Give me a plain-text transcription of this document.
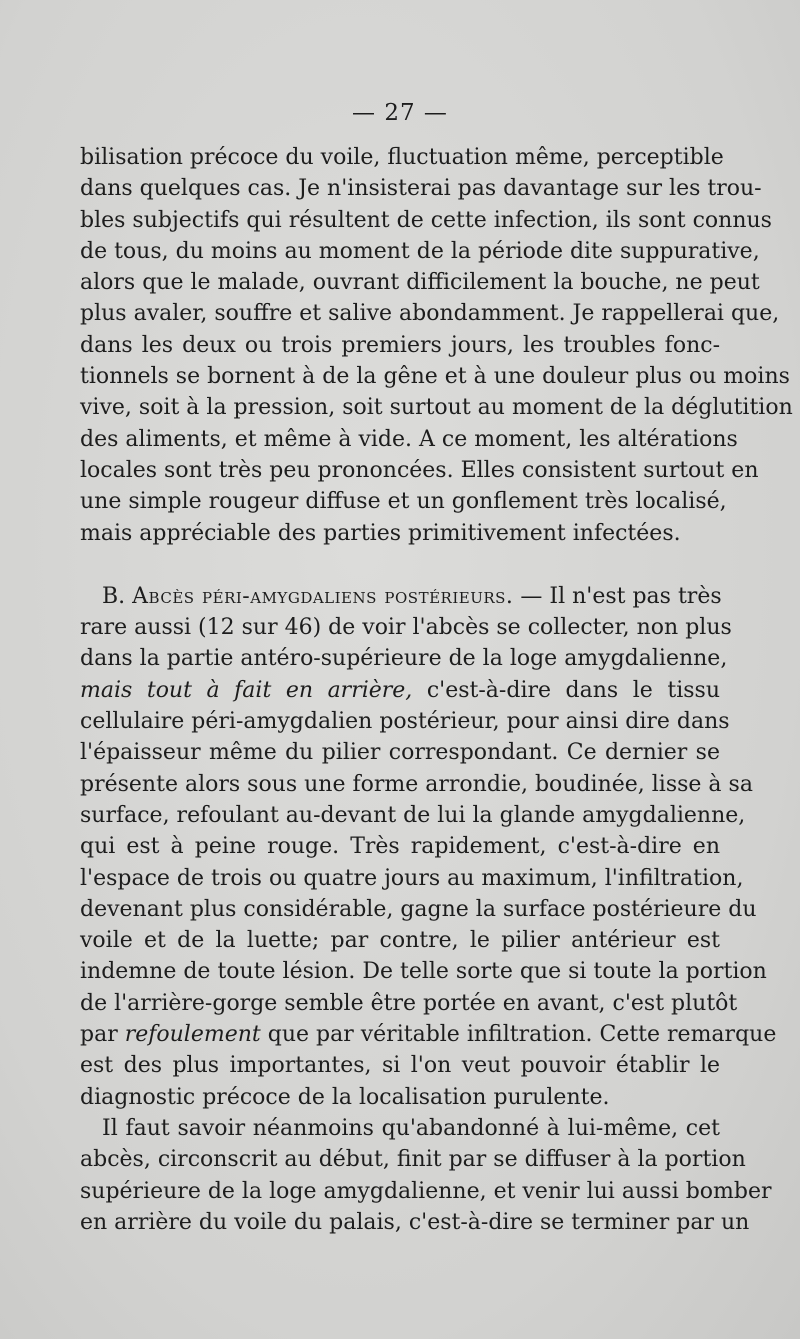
— 27 —
bilisation précoce du voile, fluctuation même, perceptible
dans quelques cas. Je n'insisterai pas davantage sur les trou-
bles subjectifs qui résultent de cette infection, ils sont connus
de tous, du moins au moment de la période dite suppurative,
alors que le malade, ouvrant difficilement la bouche, ne peut
plus avaler, souffre et salive abondamment. Je rappellerai que,
dans les deux ou trois premiers jours, les troubles fonc-
tionnels se bornent à de la gêne et à une douleur plus ou moins
vive, soit à la pression, soit surtout au moment de la déglutition
des aliments, et même à vide. A ce moment, les altérations
locales sont très peu prononcées. Elles consistent surtout en
une simple rougeur diffuse et un gonflement très localisé,
mais appréciable des parties primitivement infectées.
B. Abcès péri-amygdaliens postérieurs. — Il n'est pas très
rare aussi (12 sur 46) de voir l'abcès se collecter, non plus
dans la partie antéro-supérieure de la loge amygdalienne,
mais tout à fait en arrière, c'est-à-dire dans le tissu
cellulaire péri-amygdalien postérieur, pour ainsi dire dans
l'épaisseur même du pilier correspondant. Ce dernier se
présente alors sous une forme arrondie, boudinée, lisse à sa
surface, refoulant au-devant de lui la glande amygdalienne,
qui est à peine rouge. Très rapidement, c'est-à-dire en
l'espace de trois ou quatre jours au maximum, l'infiltration,
devenant plus considérable, gagne la surface postérieure du
voile et de la luette; par contre, le pilier antérieur est
indemne de toute lésion. De telle sorte que si toute la portion
de l'arrière-gorge semble être portée en avant, c'est plutôt
par refoulement que par véritable infiltration. Cette remarque
est des plus importantes, si l'on veut pouvoir établir le
diagnostic précoce de la localisation purulente.
Il faut savoir néanmoins qu'abandonné à lui-même, cet
abcès, circonscrit au début, finit par se diffuser à la portion
supérieure de la loge amygdalienne, et venir lui aussi bomber
en arrière du voile du palais, c'est-à-dire se terminer par un
